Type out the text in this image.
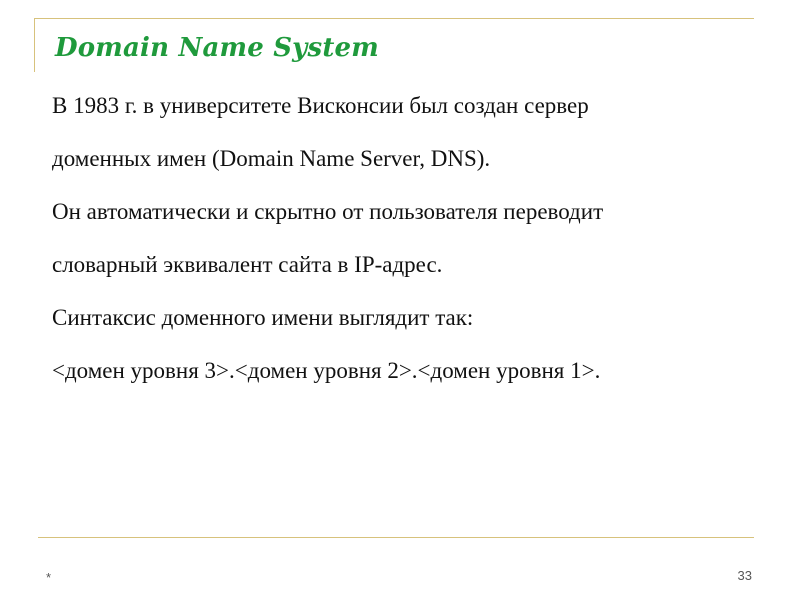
Domain Name System
В 1983 г. в университете Висконсии был создан сервер
доменных имен (Domain Name Server, DNS).
Он автоматически и скрытно от пользователя переводит
словарный эквивалент сайта в IP-адрес.
Синтаксис доменного имени выглядит так:
<домен уровня 3>.<домен уровня 2>.<домен уровня 1>.
*	33
